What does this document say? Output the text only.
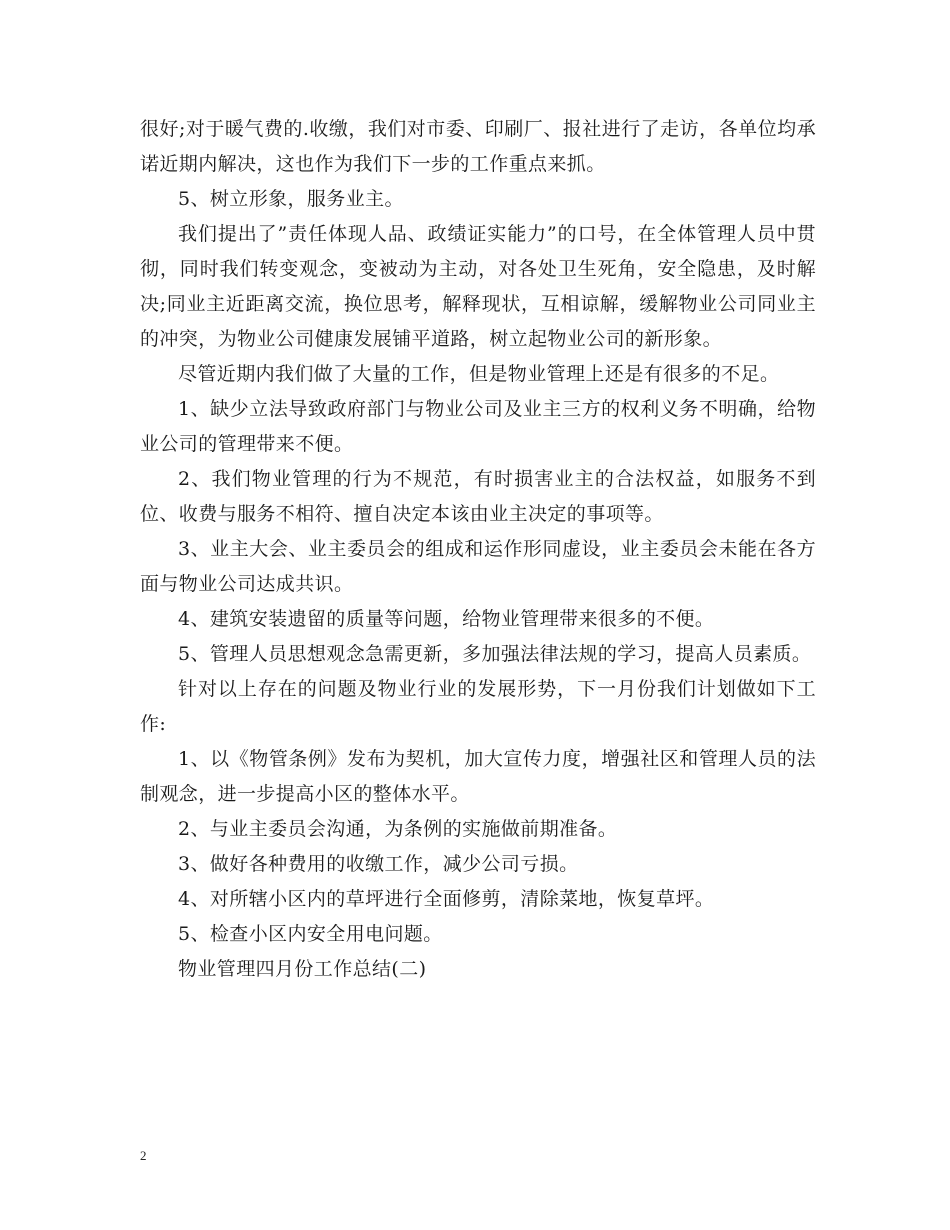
很好;对于暖气费的.收缴，我们对市委、印刷厂、报社进行了走访，各单位均承诺近期内解决，这也作为我们下一步的工作重点来抓。

5、树立形象，服务业主。

我们提出了”责任体现人品、政绩证实能力”的口号，在全体管理人员中贯彻，同时我们转变观念，变被动为主动，对各处卫生死角，安全隐患，及时解决;同业主近距离交流，换位思考，解释现状，互相谅解，缓解物业公司同业主的冲突，为物业公司健康发展铺平道路，树立起物业公司的新形象。

尽管近期内我们做了大量的工作，但是物业管理上还是有很多的不足。

1、缺少立法导致政府部门与物业公司及业主三方的权利义务不明确，给物业公司的管理带来不便。

2、我们物业管理的行为不规范，有时损害业主的合法权益，如服务不到位、收费与服务不相符、擅自决定本该由业主决定的事项等。

3、业主大会、业主委员会的组成和运作形同虚设，业主委员会未能在各方面与物业公司达成共识。

4、建筑安装遗留的质量等问题，给物业管理带来很多的不便。

5、管理人员思想观念急需更新，多加强法律法规的学习，提高人员素质。

针对以上存在的问题及物业行业的发展形势，下一月份我们计划做如下工作:

1、以《物管条例》发布为契机，加大宣传力度，增强社区和管理人员的法制观念，进一步提高小区的整体水平。

2、与业主委员会沟通，为条例的实施做前期准备。

3、做好各种费用的收缴工作，减少公司亏损。

4、对所辖小区内的草坪进行全面修剪，清除菜地，恢复草坪。

5、检查小区内安全用电问题。

物业管理四月份工作总结(二)

2
